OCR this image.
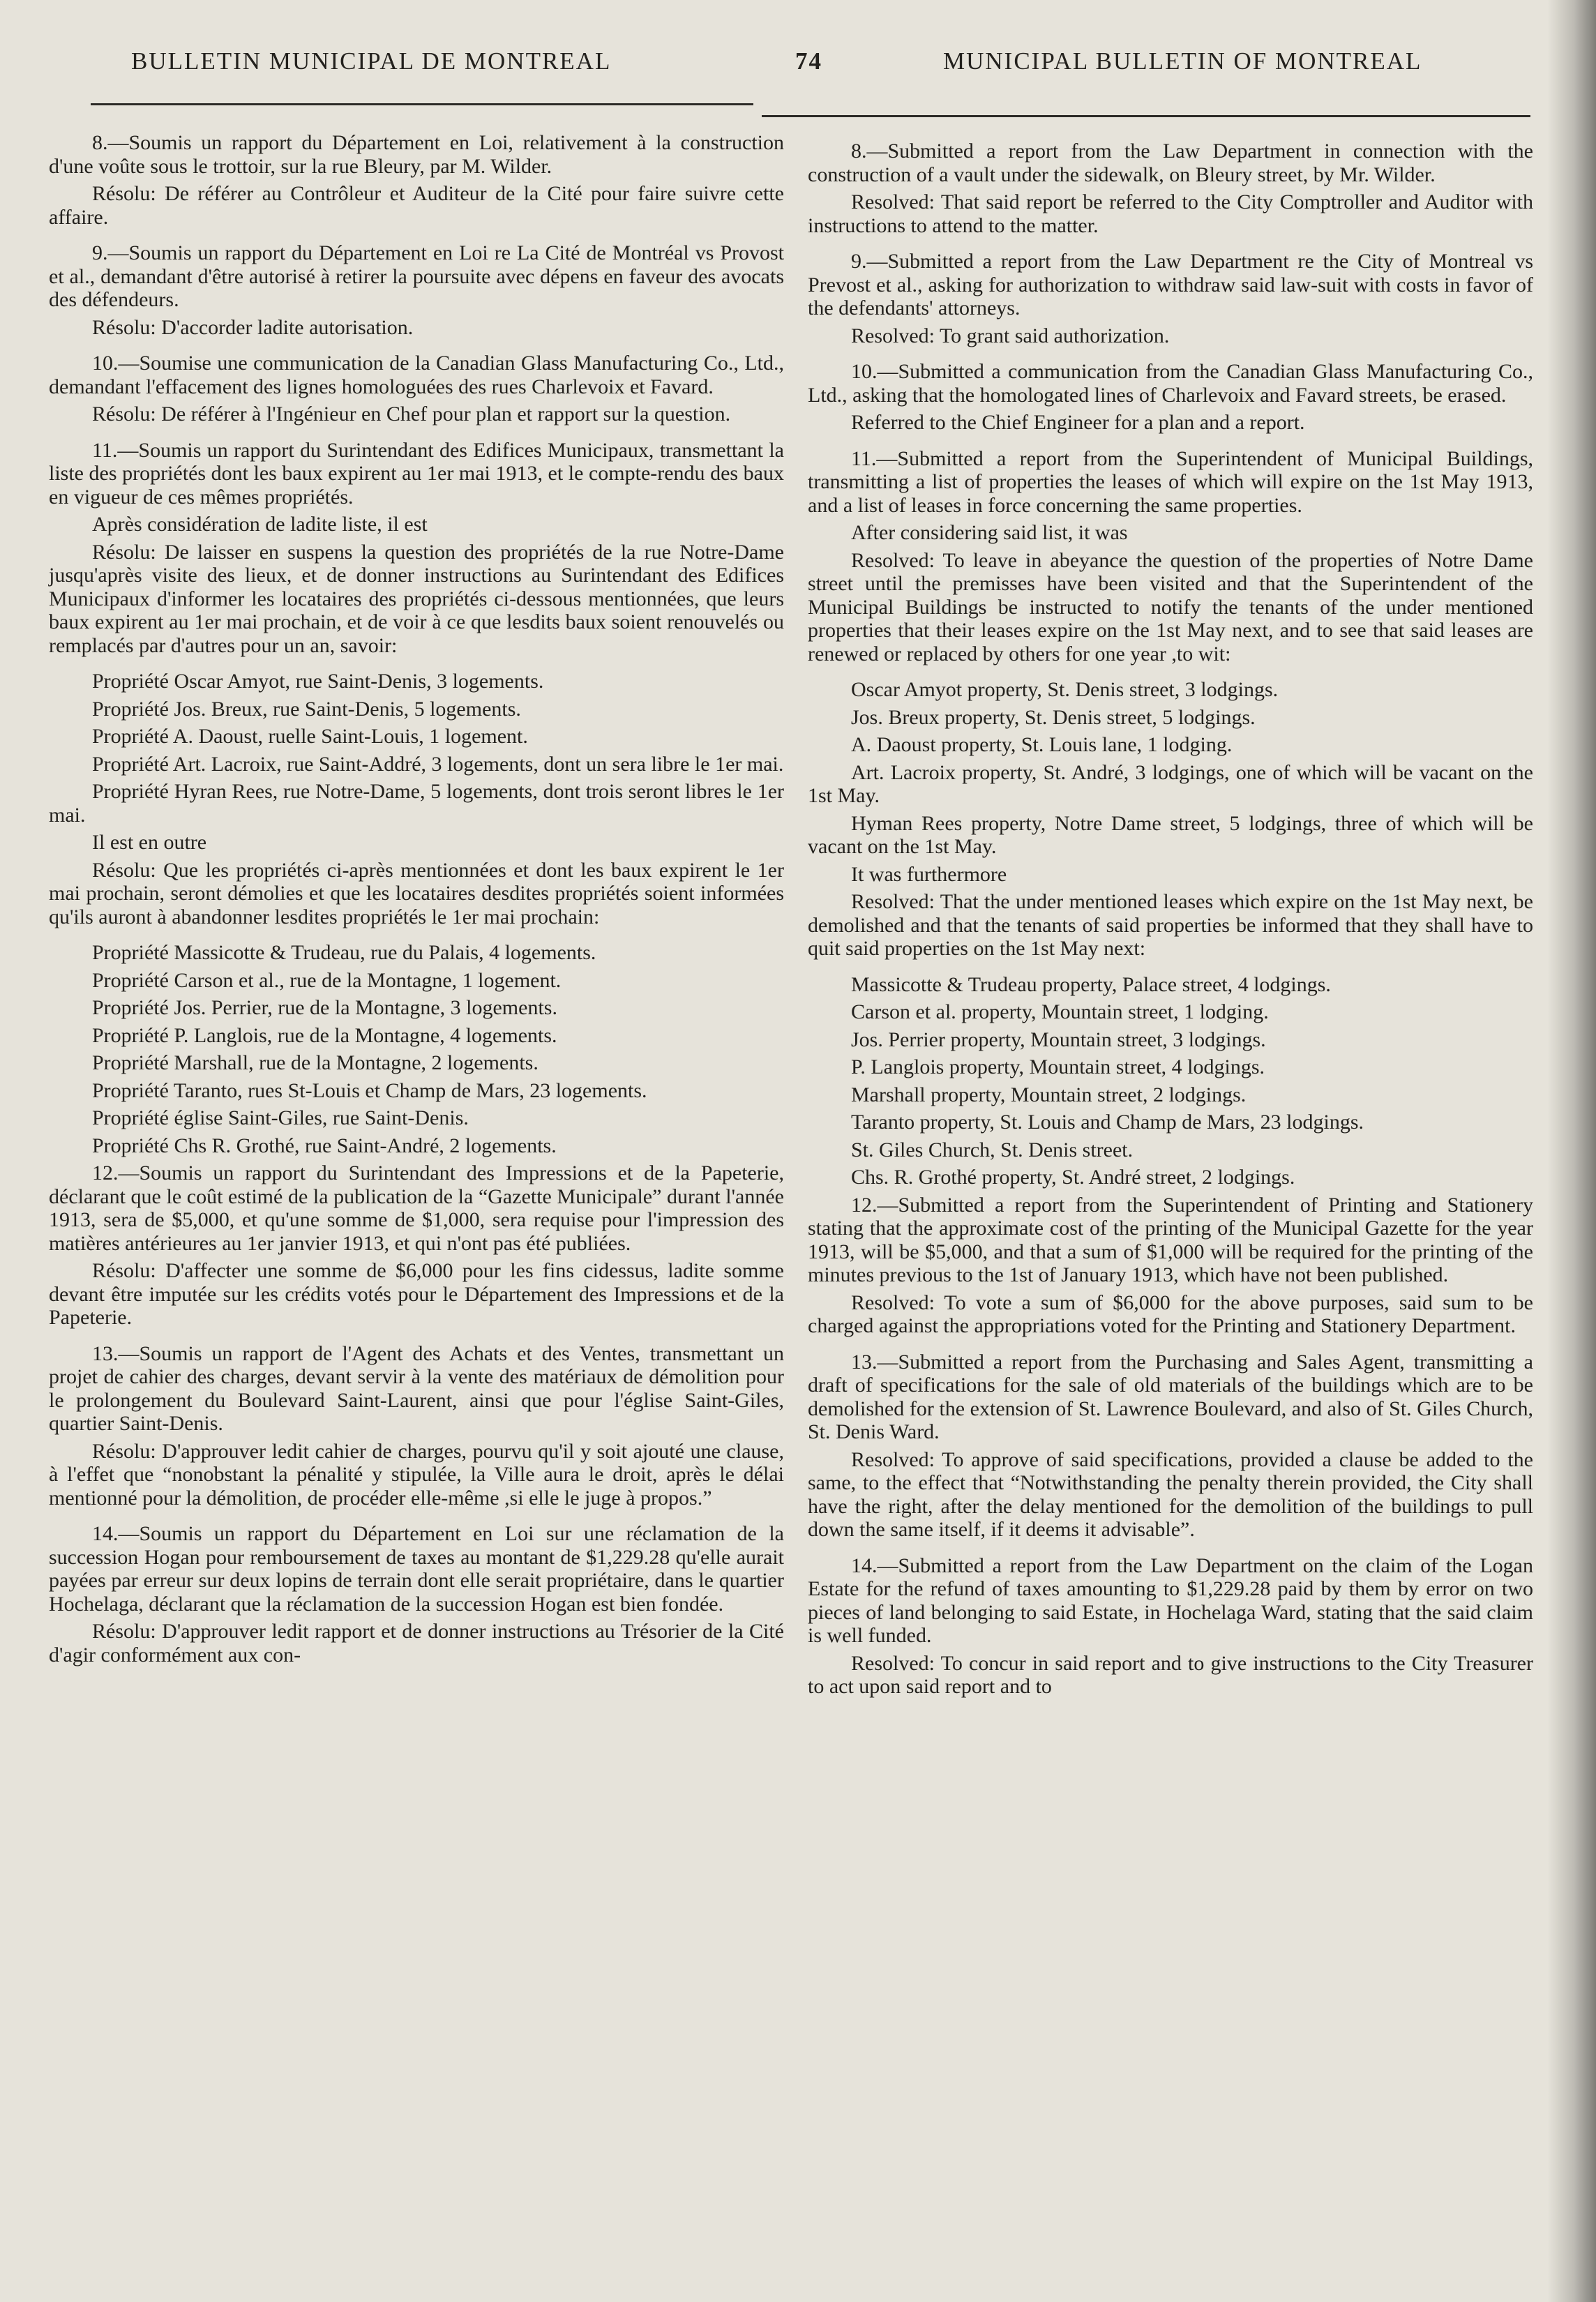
BULLETIN MUNICIPAL DE MONTREAL	74	MUNICIPAL BULLETIN OF MONTREAL

8.—Soumis un rapport du Département en Loi, relativement à la construction d'une voûte sous le trottoir, sur la rue Bleury, par M. Wilder.

Résolu: De référer au Contrôleur et Auditeur de la Cité pour faire suivre cette affaire.

9.—Soumis un rapport du Département en Loi re La Cité de Montréal vs Provost et al., demandant d'être autorisé à retirer la poursuite avec dépens en faveur des avocats des défendeurs.

Résolu: D'accorder ladite autorisation.

10.—Soumise une communication de la Canadian Glass Manufacturing Co., Ltd., demandant l'effacement des lignes homologuées des rues Charlevoix et Favard.

Résolu: De référer à l'Ingénieur en Chef pour plan et rapport sur la question.

11.—Soumis un rapport du Surintendant des Edifices Municipaux, transmettant la liste des propriétés dont les baux expirent au 1er mai 1913, et le compte-rendu des baux en vigueur de ces mêmes propriétés.

Après considération de ladite liste, il est

Résolu: De laisser en suspens la question des propriétés de la rue Notre-Dame jusqu'après visite des lieux, et de donner instructions au Surintendant des Edifices Municipaux d'informer les locataires des propriétés ci-dessous mentionnées, que leurs baux expirent au 1er mai prochain, et de voir à ce que lesdits baux soient renouvelés ou remplacés par d'autres pour un an, savoir:

Propriété Oscar Amyot, rue Saint-Denis, 3 logements.

Propriété Jos. Breux, rue Saint-Denis, 5 logements.

Propriété A. Daoust, ruelle Saint-Louis, 1 logement.

Propriété Art. Lacroix, rue Saint-Addré, 3 logements, dont un sera libre le 1er mai.

Propriété Hyran Rees, rue Notre-Dame, 5 logements, dont trois seront libres le 1er mai.

Il est en outre

Résolu: Que les propriétés ci-après mentionnées et dont les baux expirent le 1er mai prochain, seront démolies et que les locataires desdites propriétés soient informées qu'ils auront à abandonner lesdites propriétés le 1er mai prochain:

Propriété Massicotte & Trudeau, rue du Palais, 4 logements.

Propriété Carson et al., rue de la Montagne, 1 logement.

Propriété Jos. Perrier, rue de la Montagne, 3 logements.

Propriété P. Langlois, rue de la Montagne, 4 logements.

Propriété Marshall, rue de la Montagne, 2 logements.

Propriété Taranto, rues St-Louis et Champ de Mars, 23 logements.

Propriété église Saint-Giles, rue Saint-Denis.

Propriété Chs R. Grothé, rue Saint-André, 2 logements.

12.—Soumis un rapport du Surintendant des Impressions et de la Papeterie, déclarant que le coût estimé de la publication de la “Gazette Municipale” durant l'année 1913, sera de $5,000, et qu'une somme de $1,000, sera requise pour l'impression des matières antérieures au 1er janvier 1913, et qui n'ont pas été publiées.

Résolu: D'affecter une somme de $6,000 pour les fins cidessus, ladite somme devant être imputée sur les crédits votés pour le Département des Impressions et de la Papeterie.

13.—Soumis un rapport de l'Agent des Achats et des Ventes, transmettant un projet de cahier des charges, devant servir à la vente des matériaux de démolition pour le prolongement du Boulevard Saint-Laurent, ainsi que pour l'église Saint-Giles, quartier Saint-Denis.

Résolu: D'approuver ledit cahier de charges, pourvu qu'il y soit ajouté une clause, à l'effet que “nonobstant la pénalité y stipulée, la Ville aura le droit, après le délai mentionné pour la démolition, de procéder elle-même ,si elle le juge à propos.”

14.—Soumis un rapport du Département en Loi sur une réclamation de la succession Hogan pour remboursement de taxes au montant de $1,229.28 qu'elle aurait payées par erreur sur deux lopins de terrain dont elle serait propriétaire, dans le quartier Hochelaga, déclarant que la réclamation de la succession Hogan est bien fondée.

Résolu: D'approuver ledit rapport et de donner instructions au Trésorier de la Cité d'agir conformément aux con-

8.—Submitted a report from the Law Department in connection with the construction of a vault under the sidewalk, on Bleury street, by Mr. Wilder.

Resolved: That said report be referred to the City Comptroller and Auditor with instructions to attend to the matter.

9.—Submitted a report from the Law Department re the City of Montreal vs Prevost et al., asking for authorization to withdraw said law-suit with costs in favor of the defendants' attorneys.

Resolved: To grant said authorization.

10.—Submitted a communication from the Canadian Glass Manufacturing Co., Ltd., asking that the homologated lines of Charlevoix and Favard streets, be erased.

Referred to the Chief Engineer for a plan and a report.

11.—Submitted a report from the Superintendent of Municipal Buildings, transmitting a list of properties the leases of which will expire on the 1st May 1913, and a list of leases in force concerning the same properties.

After considering said list, it was

Resolved: To leave in abeyance the question of the properties of Notre Dame street until the premisses have been visited and that the Superintendent of the Municipal Buildings be instructed to notify the tenants of the under mentioned properties that their leases expire on the 1st May next, and to see that said leases are renewed or replaced by others for one year ,to wit:

Oscar Amyot property, St. Denis street, 3 lodgings.

Jos. Breux property, St. Denis street, 5 lodgings.

A. Daoust property, St. Louis lane, 1 lodging.

Art. Lacroix property, St. André, 3 lodgings, one of which will be vacant on the 1st May.

Hyman Rees property, Notre Dame street, 5 lodgings, three of which will be vacant on the 1st May.

It was furthermore

Resolved: That the under mentioned leases which expire on the 1st May next, be demolished and that the tenants of said properties be informed that they shall have to quit said properties on the 1st May next:

Massicotte & Trudeau property, Palace street, 4 lodgings.

Carson et al. property, Mountain street, 1 lodging.

Jos. Perrier property, Mountain street, 3 lodgings.

P. Langlois property, Mountain street, 4 lodgings.

Marshall property, Mountain street, 2 lodgings.

Taranto property, St. Louis and Champ de Mars, 23 lodgings.

St. Giles Church, St. Denis street.

Chs. R. Grothé property, St. André street, 2 lodgings.

12.—Submitted a report from the Superintendent of Printing and Stationery stating that the approximate cost of the printing of the Municipal Gazette for the year 1913, will be $5,000, and that a sum of $1,000 will be required for the printing of the minutes previous to the 1st of January 1913, which have not been published.

Resolved: To vote a sum of $6,000 for the above purposes, said sum to be charged against the appropriations voted for the Printing and Stationery Department.

13.—Submitted a report from the Purchasing and Sales Agent, transmitting a draft of specifications for the sale of old materials of the buildings which are to be demolished for the extension of St. Lawrence Boulevard, and also of St. Giles Church, St. Denis Ward.

Resolved: To approve of said specifications, provided a clause be added to the same, to the effect that “Notwithstanding the penalty therein provided, the City shall have the right, after the delay mentioned for the demolition of the buildings to pull down the same itself, if it deems it advisable”.

14.—Submitted a report from the Law Department on the claim of the Logan Estate for the refund of taxes amounting to $1,229.28 paid by them by error on two pieces of land belonging to said Estate, in Hochelaga Ward, stating that the said claim is well funded.

Resolved: To concur in said report and to give instructions to the City Treasurer to act upon said report and to
